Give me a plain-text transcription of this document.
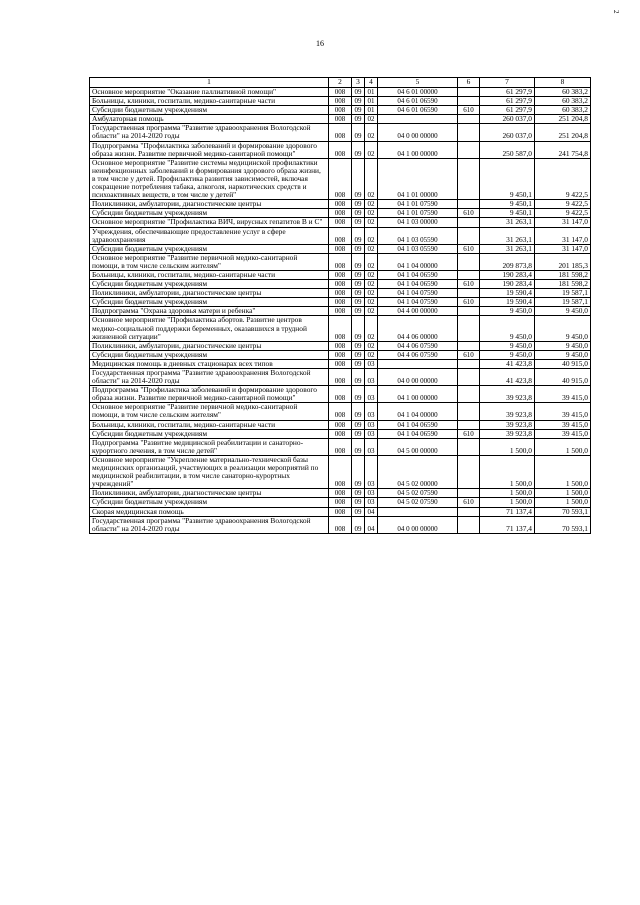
16
2
1	2	3	4	5	6	7	8
Основное мероприятие "Оказание паллиативной помощи"	008	09	01	04 6 01 00000		61 297,9	60 383,2
Больницы, клиники, госпитали, медико-санитарные части	008	09	01	04 6 01 06590		61 297,9	60 383,2
Субсидии бюджетным учреждениям	008	09	01	04 6 01 06590	610	61 297,9	60 383,2
Амбулаторная помощь	008	09	02			260 037,0	251 204,8
Государственная программа "Развитие здравоохранения Вологодской области" на 2014-2020 годы	008	09	02	04 0 00 00000		260 037,0	251 204,8
Подпрограмма "Профилактика заболеваний и формирование здорового образа жизни. Развитие первичной медико-санитарной помощи"	008	09	02	04 1 00 00000		250 587,0	241 754,8
Основное мероприятие "Развитие системы медицинской профилактики неинфекционных заболеваний и формирования здорового образа жизни, в том числе у детей. Профилактика развития зависимостей, включая сокращение потребления табака, алкоголя, наркотических средств и психоактивных веществ, в том числе у детей"	008	09	02	04 1 01 00000		9 450,1	9 422,5
Поликлиники, амбулатории, диагностические центры	008	09	02	04 1 01 07590		9 450,1	9 422,5
Субсидии бюджетным учреждениям	008	09	02	04 1 01 07590	610	9 450,1	9 422,5
Основное мероприятие "Профилактика ВИЧ, вирусных гепатитов В и С"	008	09	02	04 1 03 00000		31 263,1	31 147,0
Учреждения, обеспечивающие предоставление услуг в сфере здравоохранения	008	09	02	04 1 03 05590		31 263,1	31 147,0
Субсидии бюджетным учреждениям	008	09	02	04 1 03 05590	610	31 263,1	31 147,0
Основное мероприятие "Развитие первичной медико-санитарной помощи, в том числе сельским жителям"	008	09	02	04 1 04 00000		209 873,8	201 185,3
Больницы, клиники, госпитали, медико-санитарные части	008	09	02	04 1 04 06590		190 283,4	181 598,2
Субсидии бюджетным учреждениям	008	09	02	04 1 04 06590	610	190 283,4	181 598,2
Поликлиники, амбулатории, диагностические центры	008	09	02	04 1 04 07590		19 590,4	19 587,1
Субсидии бюджетным учреждениям	008	09	02	04 1 04 07590	610	19 590,4	19 587,1
Подпрограмма "Охрана здоровья матери и ребенка"	008	09	02	04 4 00 00000		9 450,0	9 450,0
Основное мероприятие "Профилактика абортов. Развитие центров медико-социальной поддержки беременных, оказавшихся в трудной жизненной ситуации"	008	09	02	04 4 06 00000		9 450,0	9 450,0
Поликлиники, амбулатории, диагностические центры	008	09	02	04 4 06 07590		9 450,0	9 450,0
Субсидии бюджетным учреждениям	008	09	02	04 4 06 07590	610	9 450,0	9 450,0
Медицинская помощь в дневных стационарах всех типов	008	09	03			41 423,8	40 915,0
Государственная программа "Развитие здравоохранения Вологодской области" на 2014-2020 годы	008	09	03	04 0 00 00000		41 423,8	40 915,0
Подпрограмма "Профилактика заболеваний и формирование здорового образа жизни. Развитие первичной медико-санитарной помощи"	008	09	03	04 1 00 00000		39 923,8	39 415,0
Основное мероприятие "Развитие первичной медико-санитарной помощи, в том числе сельским жителям"	008	09	03	04 1 04 00000		39 923,8	39 415,0
Больницы, клиники, госпитали, медико-санитарные части	008	09	03	04 1 04 06590		39 923,8	39 415,0
Субсидии бюджетным учреждениям	008	09	03	04 1 04 06590	610	39 923,8	39 415,0
Подпрограмма "Развитие медицинской реабилитации и санаторно-курортного лечения, в том числе детей"	008	09	03	04 5 00 00000		1 500,0	1 500,0
Основное мероприятие "Укрепление материально-технической базы медицинских организаций, участвующих в реализации мероприятий по медицинской реабилитации, в том числе санаторно-курортных учреждений"	008	09	03	04 5 02 00000		1 500,0	1 500,0
Поликлиники, амбулатории, диагностические центры	008	09	03	04 5 02 07590		1 500,0	1 500,0
Субсидии бюджетным учреждениям	008	09	03	04 5 02 07590	610	1 500,0	1 500,0
Скорая медицинская помощь	008	09	04			71 137,4	70 593,1
Государственная программа "Развитие здравоохранения Вологодской области" на 2014-2020 годы	008	09	04	04 0 00 00000		71 137,4	70 593,1
